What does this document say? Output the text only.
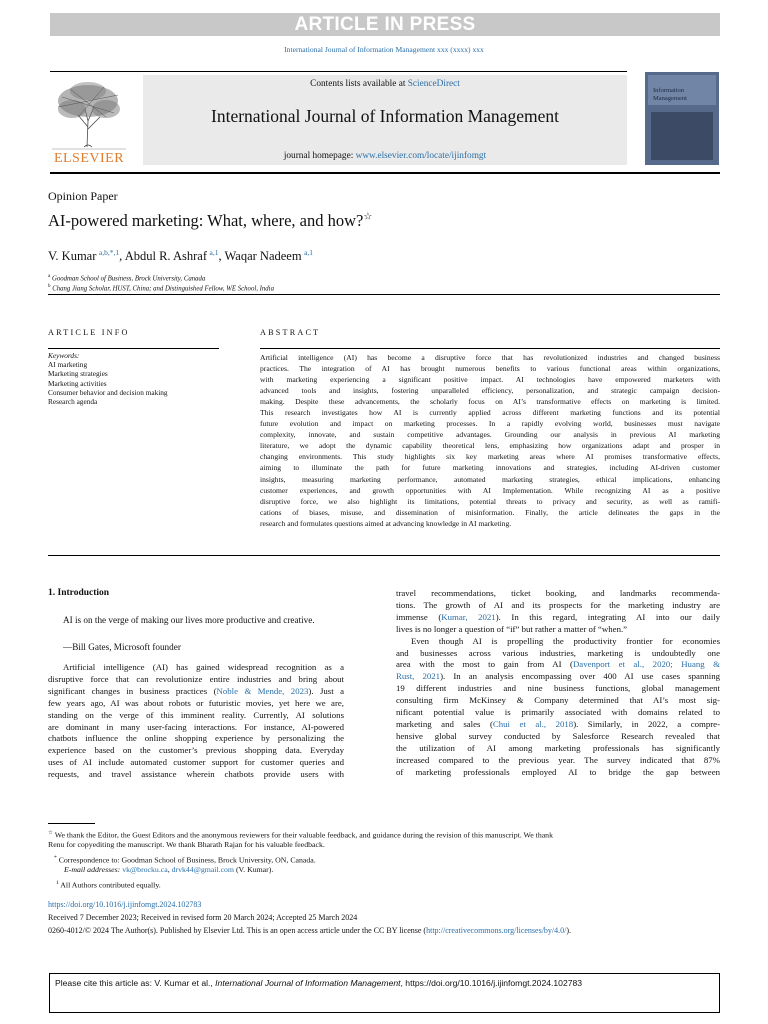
ARTICLE IN PRESS
International Journal of Information Management xxx (xxxx) xxx
ELSEVIER
Contents lists available at ScienceDirect
International Journal of Information Management
journal homepage: www.elsevier.com/locate/ijinfomgt
Information
Management
Opinion Paper
AI-powered marketing: What, where, and how?☆
V. Kumar  $^{a,b,*,1}$, Abdul R. Ashraf  $^{a,1}$, Waqar Nadeem  $^{a,1}$
$^a$ Goodman School of Business, Brock University, Canada
$^b$ Chang Jiang Scholar, HUST, China; and Distinguished Fellow, WE School, India
ARTICLE INFO	ABSTRACT
Keywords:
AI marketing
Marketing strategies
Marketing activities
Consumer behavior and decision making
Research agenda
Artificial intelligence (AI) has become a disruptive force that has revolutionized industries and changed business
practices. The integration of AI has brought numerous benefits to various functional areas within organizations,
with marketing experiencing a significant positive impact. AI technologies have empowered marketers with
advanced tools and insights, fostering unparalleled efficiency, personalization, and strategic campaign decision-
making. Despite these advancements, the scholarly focus on AI’s transformative effects on marketing is limited.
This research investigates how AI is currently applied across different marketing functions and its potential
future evolution and impact on marketing processes. In a rapidly evolving world, businesses must navigate
complexity, innovate, and sustain competitive advantages. Grounding our analysis in previous AI marketing
literature, we adopt the dynamic capability theoretical lens, emphasizing how organizations adapt and prosper in
changing environments. This study highlights six key marketing areas where AI promises transformative effects,
aiming to illuminate the path for future marketing innovations and strategies, including AI-driven customer
insights, measuring marketing performance, automated marketing strategies, ethical implications, enhancing
customer experiences, and growth opportunities with AI Implementation. While recognizing AI as a positive
disruptive force, we also highlight its limitations, potential threats to privacy and security, as well as ramifi-
cations of biases, misuse, and dissemination of misinformation. Finally, the article delineates the gaps in the
research and formulates questions aimed at advancing knowledge in AI marketing.
1. Introduction
AI is on the verge of making our lives more productive and creative.
—Bill Gates, Microsoft founder
Artificial intelligence (AI) has gained widespread recognition as a
disruptive force that can revolutionize entire industries and bring about
significant changes in business practices (Noble & Mende, 2023). Just a
few years ago, AI was about robots or futuristic movies, yet here we are,
standing on the verge of this imminent reality. Currently, AI solutions
are dominant in many user-facing interactions. For instance, AI-powered
chatbots influence the online shopping experience by personalizing the
experience based on the customer’s previous shopping data. Everyday
uses of AI include automated customer support for customer queries and
requests, and travel assistance wherein chatbots provide users with
travel recommendations, ticket booking, and landmarks recommenda-
tions. The growth of AI and its prospects for the marketing industry are
immense (Kumar, 2021). In this regard, integrating AI into our daily
lives is no longer a question of “if” but rather a matter of “when.”
Even though AI is propelling the productivity frontier for economies
and businesses across various industries, marketing is undoubtedly one
area with the most to gain from AI (Davenport et al., 2020; Huang &
Rust, 2021). In an analysis encompassing over 400 AI use cases spanning
19 different industries and nine business functions, global management
consulting firm McKinsey & Company determined that AI’s most sig-
nificant potential value is primarily associated with domains related to
marketing and sales (Chui et al., 2018). Similarly, in 2022, a compre-
hensive global survey conducted by Salesforce Research revealed that
the utilization of AI among marketing professionals has significantly
increased compared to the previous year. The survey indicated that 87%
of marketing professionals employed AI to bridge the gap between
☆ We thank the Editor, the Guest Editors and the anonymous reviewers for their valuable feedback, and guidance during the revision of this manuscript. We thank
Renu for copyediting the manuscript. We thank Bharath Rajan for his valuable feedback.
* Correspondence to: Goodman School of Business, Brock University, ON, Canada.
E-mail addresses: vk@brocku.ca, drvk44@gmail.com (V. Kumar).
$^1$ All Authors contributed equally.
https://doi.org/10.1016/j.ijinfomgt.2024.102783
Received 7 December 2023; Received in revised form 20 March 2024; Accepted 25 March 2024
0260-4012/© 2024 The Author(s). Published by Elsevier Ltd. This is an open access article under the CC BY license (http://creativecommons.org/licenses/by/4.0/).
Please cite this article as: V. Kumar et al., International Journal of Information Management, https://doi.org/10.1016/j.ijinfomgt.2024.102783
